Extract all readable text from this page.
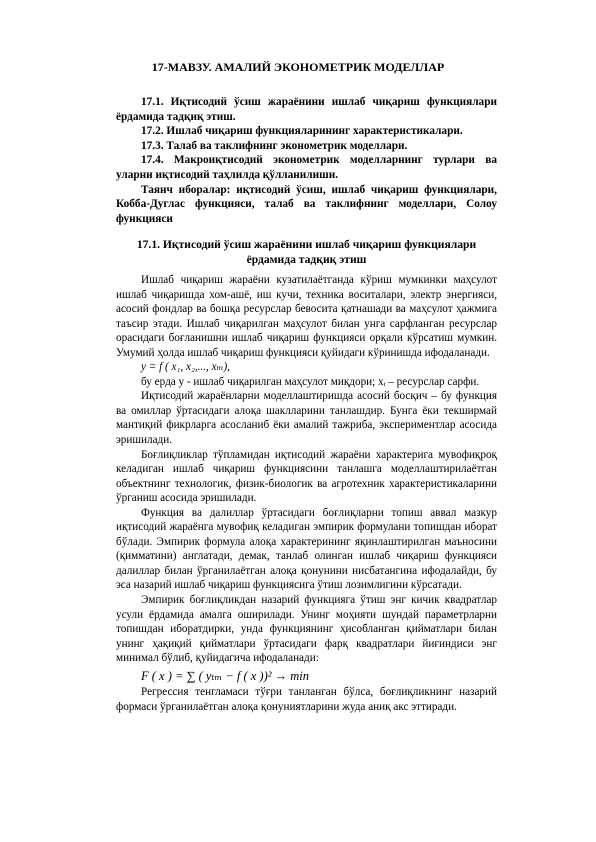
17-МАВЗУ. АМАЛИЙ ЭКОНОМЕТРИК МОДЕЛЛАР

17.1. Иқтисодий ўсиш жараёнини ишлаб чиқариш функциялари ёрдамида тадқиқ этиш.

17.2. Ишлаб чиқариш функцияларининг характеристикалари.

17.3. Талаб ва таклифнинг эконометрик моделлари.

17.4. Макроиқтисодий эконометрик моделларнинг турлари ва уларни иқтисодий таҳлилда қўлланилиши.

Таянч иборалар: иқтисодий ўсиш, ишлаб чиқариш функциялари, Кобба-Дуглас функцияси, талаб ва таклифнинг моделлари, Солоу функцияси

17.1. Иқтисодий ўсиш жараёнини ишлаб чиқариш функциялари
ёрдамида тадқиқ этиш

Ишлаб чиқариш жараёни кузатилаётганда кўриш мумкинки маҳсулот ишлаб чиқаришда хом-ашё, иш кучи, техника воситалари, электр энергияси, асосий фондлар ва бошқа ресурслар бевосита қатнашади ва маҳсулот ҳажмига таъсир этади. Ишлаб чиқарилган маҳсулот билан унга сарфланган ресурслар орасидаги боғланишни ишлаб чиқариш функцияси орқали кўрсатиш мумкин. Умумий ҳолда ишлаб чиқариш функцияси қуйидаги кўринишда ифодаланади.

y = f ( x₁, x₂,..., xₘ),

бу ерда y - ишлаб чиқарилган маҳсулот миқдори; xᵢ – ресурслар сарфи.

Иқтисодий жараёнларни моделлаштиришда асосий босқич – бу функция ва омиллар ўртасидаги алоқа шаклларини танлашдир. Бунга ёки текширмай мантиқий фикрларга асосланиб ёки амалий тажриба, экспериментлар асосида эришилади.

Боғлиқликлар тўпламидан иқтисодий жараёни характерига мувофиқроқ келадиган ишлаб чиқариш функциясини танлашга моделлаштирилаётган объектнинг технологик, физик-биологик ва агротехник характеристикаларини ўрганиш асосида эришилади.

Функция ва далиллар ўртасидаги боғлиқларни топиш аввал мазкур иқтисодий жараёнга мувофиқ келадиган эмпирик формулани топишдан иборат бўлади. Эмпирик формула алоқа характерининг яқинлаштирилган маъносини (қимматини) англатади, демак, танлаб олинган ишлаб чиқариш функцияси далиллар билан ўрганилаётган алоқа қонунини нисбатангина ифодалайди, бу эса назарий ишлаб чиқариш функциясига ўтиш лозимлигини кўрсатади.

Эмпирик боғлиқликдан назарий функцияга ўтиш энг кичик квадратлар усули ёрдамида амалга оширилади. Унинг моҳияти шундай параметрларни топишдан иборатдирки, унда функциянинг ҳисобланган қийматлари билан унинг ҳақиқий қийматлари ўртасидаги фарқ квадратлари йиғиндиси энг минимал бўлиб, қуйидагича ифодаланади:

F ( x ) = ∑ ( yₜₘ − f ( x ))² → min

Регрессия тенгламаси тўғри танланган бўлса, боғлиқликнинг назарий формаси ўрганилаётган алоқа қонуниятларини жуда аниқ акс эттиради.
